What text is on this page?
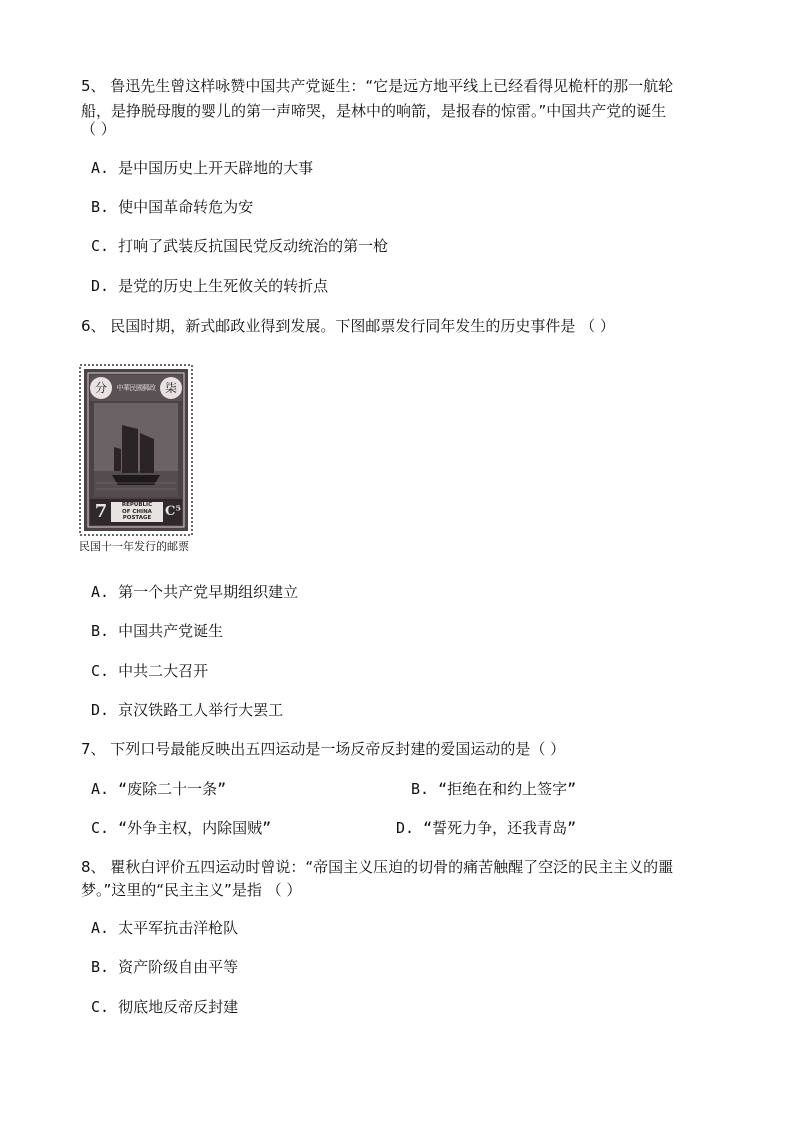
5、 鲁迅先生曾这样咏赞中国共产党诞生：“它是远方地平线上已经看得见桅杆的那一航轮
船，是挣脱母腹的婴儿的第一声啼哭，是林中的响箭，是报春的惊雷。”中国共产党的诞生
（ ）
A. 是中国历史上开天辟地的大事
B. 使中国革命转危为安
C. 打响了武装反抗国民党反动统治的第一枪
D. 是党的历史上生死攸关的转折点
6、 民国时期，新式邮政业得到发展。下图邮票发行同年发生的历史事件是 （ ）
分	中華民國郵政 柒
7	REPUBLIC
OF CHINA
POSTAGE	C⁵
民国十一年发行的邮票
A. 第一个共产党早期组织建立
B. 中国共产党诞生
C. 中共二大召开
D. 京汉铁路工人举行大罢工
7、 下列口号最能反映出五四运动是一场反帝反封建的爱国运动的是（ ）
A. “废除二十一条”	B. “拒绝在和约上签字”
C. “外争主权，内除国贼”	D. “誓死力争，还我青岛”
8、 瞿秋白评价五四运动时曾说：“帝国主义压迫的切骨的痛苦触醒了空泛的民主主义的噩
梦。”这里的“民主主义”是指 （ ）
A. 太平军抗击洋枪队
B. 资产阶级自由平等
C. 彻底地反帝反封建
